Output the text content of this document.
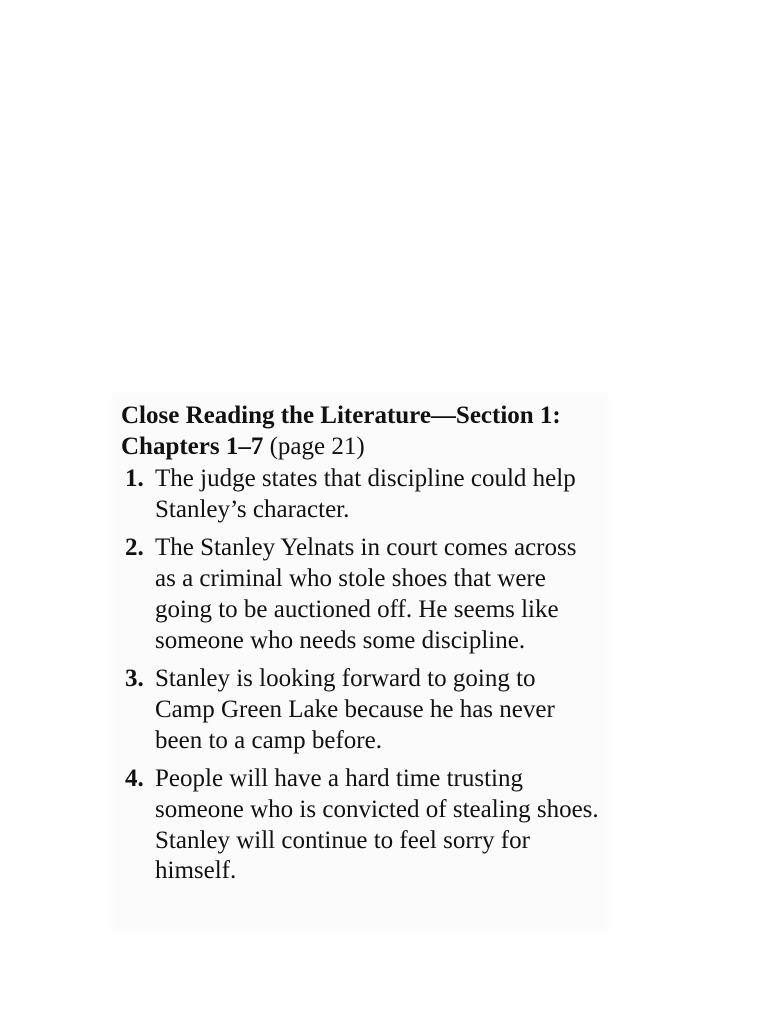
Close Reading the Literature—Section 1:
Chapters 1–7 (page 21)
1. The judge states that discipline could help Stanley’s character.
2. The Stanley Yelnats in court comes across as a criminal who stole shoes that were going to be auctioned off. He seems like someone who needs some discipline.
3. Stanley is looking forward to going to Camp Green Lake because he has never been to a camp before.
4. People will have a hard time trusting someone who is convicted of stealing shoes. Stanley will continue to feel sorry for himself.
